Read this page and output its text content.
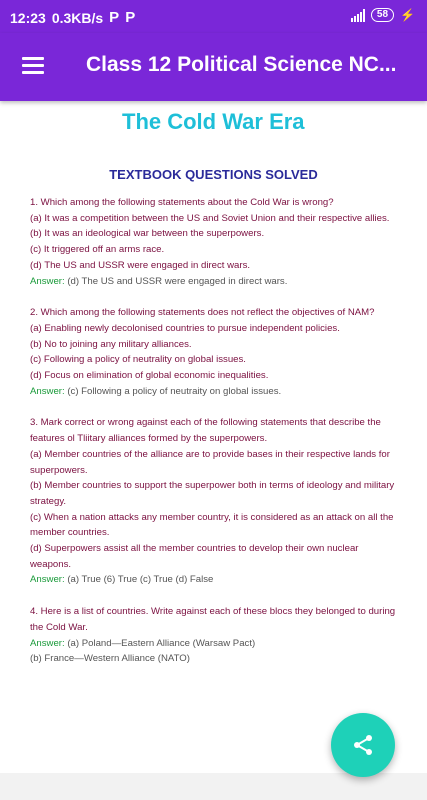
12:23 0.3KB/s P P	58	⚡
Class 12 Political Science NC...
The Cold War Era
TEXTBOOK QUESTIONS SOLVED
1. Which among the following statements about the Cold War is wrong?
(a) It was a competition between the US and Soviet Union and their respective allies.
(b) It was an ideological war between the superpowers.
(c) It triggered off an arms race.
(d) The US and USSR were engaged in direct wars.
Answer: (d) The US and USSR were engaged in direct wars.
2. Which among the following statements does not reflect the objectives of NAM?
(a) Enabling newly decolonised countries to pursue independent policies.
(b) No to joining any military alliances.
(c) Following a policy of neutrality on global issues.
(d) Focus on elimination of global economic inequalities.
Answer: (c) Following a policy of neutraity on global issues.
3. Mark correct or wrong against each of the following statements that describe the features ol Tliitary alliances formed by the superpowers.
(a) Member countries of the alliance are to provide bases in their respective lands for superpowers.
(b) Member countries to support the superpower both in terms of ideology and military strategy.
(c) When a nation attacks any member country, it is considered as an attack on all the member countries.
(d) Superpowers assist all the member countries to develop their own nuclear weapons.
Answer: (a) True (6) True (c) True (d) False
4. Here is a list of countries. Write against each of these blocs they belonged to during the Cold War.
Answer: (a) Poland—Eastern Alliance (Warsaw Pact)
(b) France—Western Alliance (NATO)
